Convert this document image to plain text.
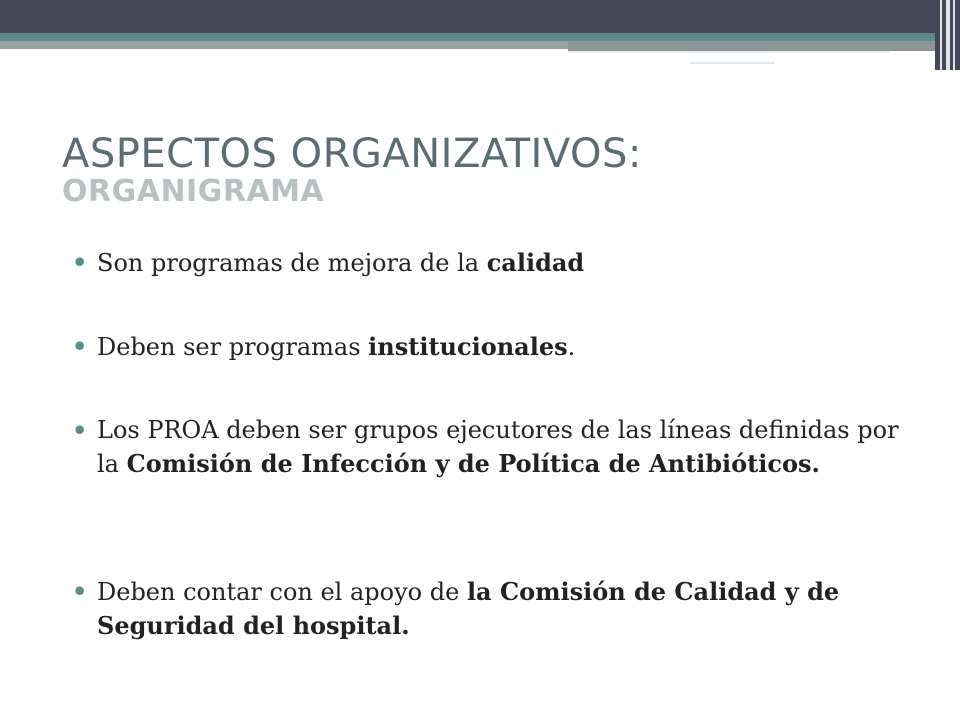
ASPECTOS ORGANIZATIVOS:
ORGANIGRAMA
• Son programas de mejora de la calidad
• Deben ser programas institucionales.
• Los PROA deben ser grupos ejecutores de las líneas definidas por la Comisión de Infección y de Política de Antibióticos.
• Deben contar con el apoyo de la Comisión de Calidad y de Seguridad del hospital.
